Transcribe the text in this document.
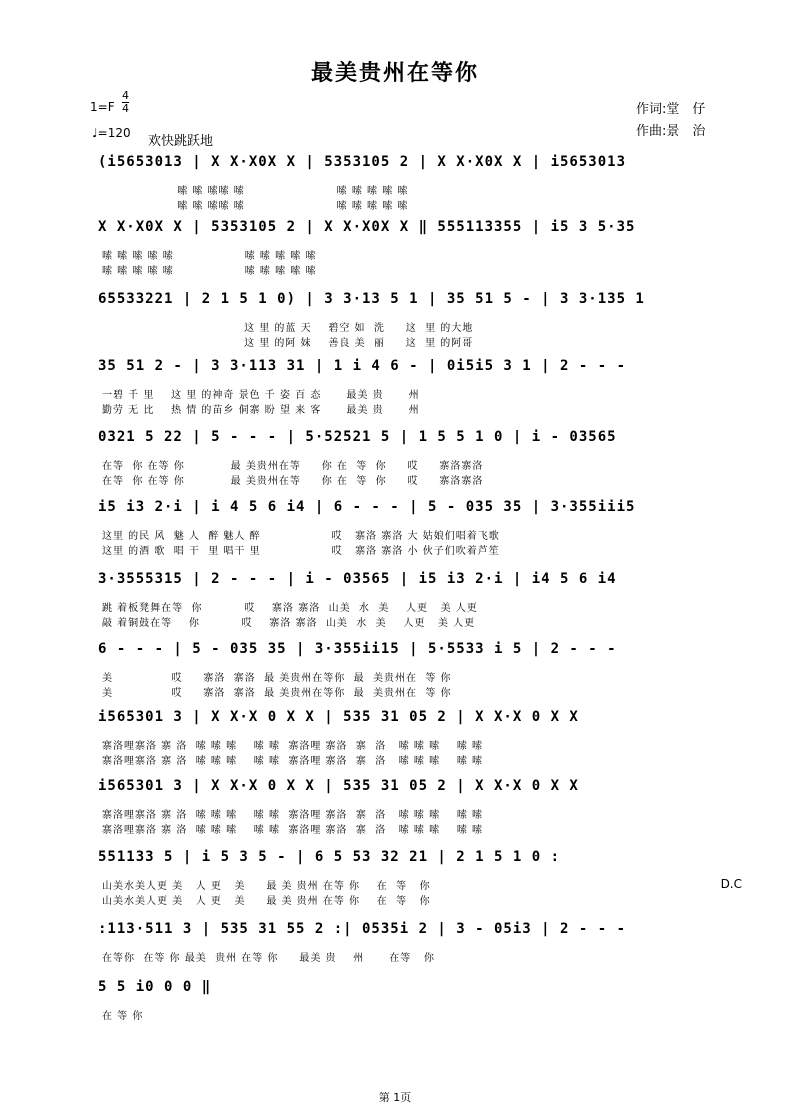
最美贵州在等你
1=F
4
4
♩=120
欢快跳跃地
作词:堂　仔
作曲:景　治
(i5653013 | X X·X0X X | 5353105 2 | X X·X0X X | i5653013
嗦 嗦 嗦嗦 嗦                      嗦 嗦 嗦 嗦 嗦
嗦 嗦 嗦嗦 嗦                      嗦 嗦 嗦 嗦 嗦
X X·X0X X | 5353105 2 | X X·X0X X ‖ 555113355 | i5 3 5·35
嗦 嗦 嗦 嗦 嗦                 嗦 嗦 嗦 嗦 嗦
嗦 嗦 嗦 嗦 嗦                 嗦 嗦 嗦 嗦 嗦
65533221 | 2 1 5 1 0) | 3 3·13 5 1 | 35 51 5 - | 3 3·135 1
这 里 的蓝 天    碧空 如  洗     这  里 的大地
这 里 的阿 妹    善良 美  丽     这  里 的阿哥
35 51 2 - | 3 3·113 31 | 1 i 4 6 - | 0i5i5 3 1 | 2 - - -
一碧 千 里    这 里 的神奇 景色 千 姿 百 态      最美 贵      州
勤劳 无 比    热 情 的苗乡 侗寨 盼 望 来 客      最美 贵      州
0321 5 22 | 5 - - - | 5·52521 5 | 1 5 5 1 0 | i - 03565
在等  你 在等 你           最 美贵州在等     你 在  等  你     哎     寨洛寨洛
在等  你 在等 你           最 美贵州在等     你 在  等  你     哎     寨洛寨洛
i5 i3 2·i | i 4 5 6 i4 | 6 - - - | 5 - 035 35 | 3·355iii5
这里 的民 风  魅 人  醉 魅人 醉                 哎   寨洛 寨洛 大 姑娘们唱着飞歌
这里 的酒 歌  唱 干  里 唱干 里                 哎   寨洛 寨洛 小 伙子们吹着芦笙
3·3555315 | 2 - - - | i - 03565 | i5 i3 2·i | i4 5 6 i4
跳 着板凳舞在等  你          哎    寨洛 寨洛  山美  水  美    人更   美 人更
敲 着铜鼓在等    你          哎    寨洛 寨洛  山美  水  美    人更   美 人更
6 - - - | 5 - 035 35 | 3·355ii15 | 5·5533 i 5 | 2 - - -
美              哎     寨洛  寨洛  最 美贵州在等你  最  美贵州在  等 你
美              哎     寨洛  寨洛  最 美贵州在等你  最  美贵州在  等 你
i565301 3 | X X·X 0 X X | 535 31 05 2 | X X·X 0 X X
寨洛哩寨洛 寨 洛  嗦 嗦 嗦    嗦 嗦  寨洛哩 寨洛  寨  洛   嗦 嗦 嗦    嗦 嗦
寨洛哩寨洛 寨 洛  嗦 嗦 嗦    嗦 嗦  寨洛哩 寨洛  寨  洛   嗦 嗦 嗦    嗦 嗦
i565301 3 | X X·X 0 X X | 535 31 05 2 | X X·X 0 X X
寨洛哩寨洛 寨 洛  嗦 嗦 嗦    嗦 嗦  寨洛哩 寨洛  寨  洛   嗦 嗦 嗦    嗦 嗦
寨洛哩寨洛 寨 洛  嗦 嗦 嗦    嗦 嗦  寨洛哩 寨洛  寨  洛   嗦 嗦 嗦    嗦 嗦
551133 5 | i 5 3 5 - | 6 5 53 32 21 | 2 1 5 1 0 :
山美水美人更 美   人 更   美     最 美 贵州 在等 你    在  等   你
山美水美人更 美   人 更   美     最 美 贵州 在等 你    在  等   你
D.C
:113·511 3 | 535 31 55 2 :| 0535i 2 | 3 - 05i3 | 2 - - -
在等你  在等 你 最美  贵州 在等 你     最美 贵    州      在等   你
5 5 i0 0 0 ‖
在 等 你
第 1页
